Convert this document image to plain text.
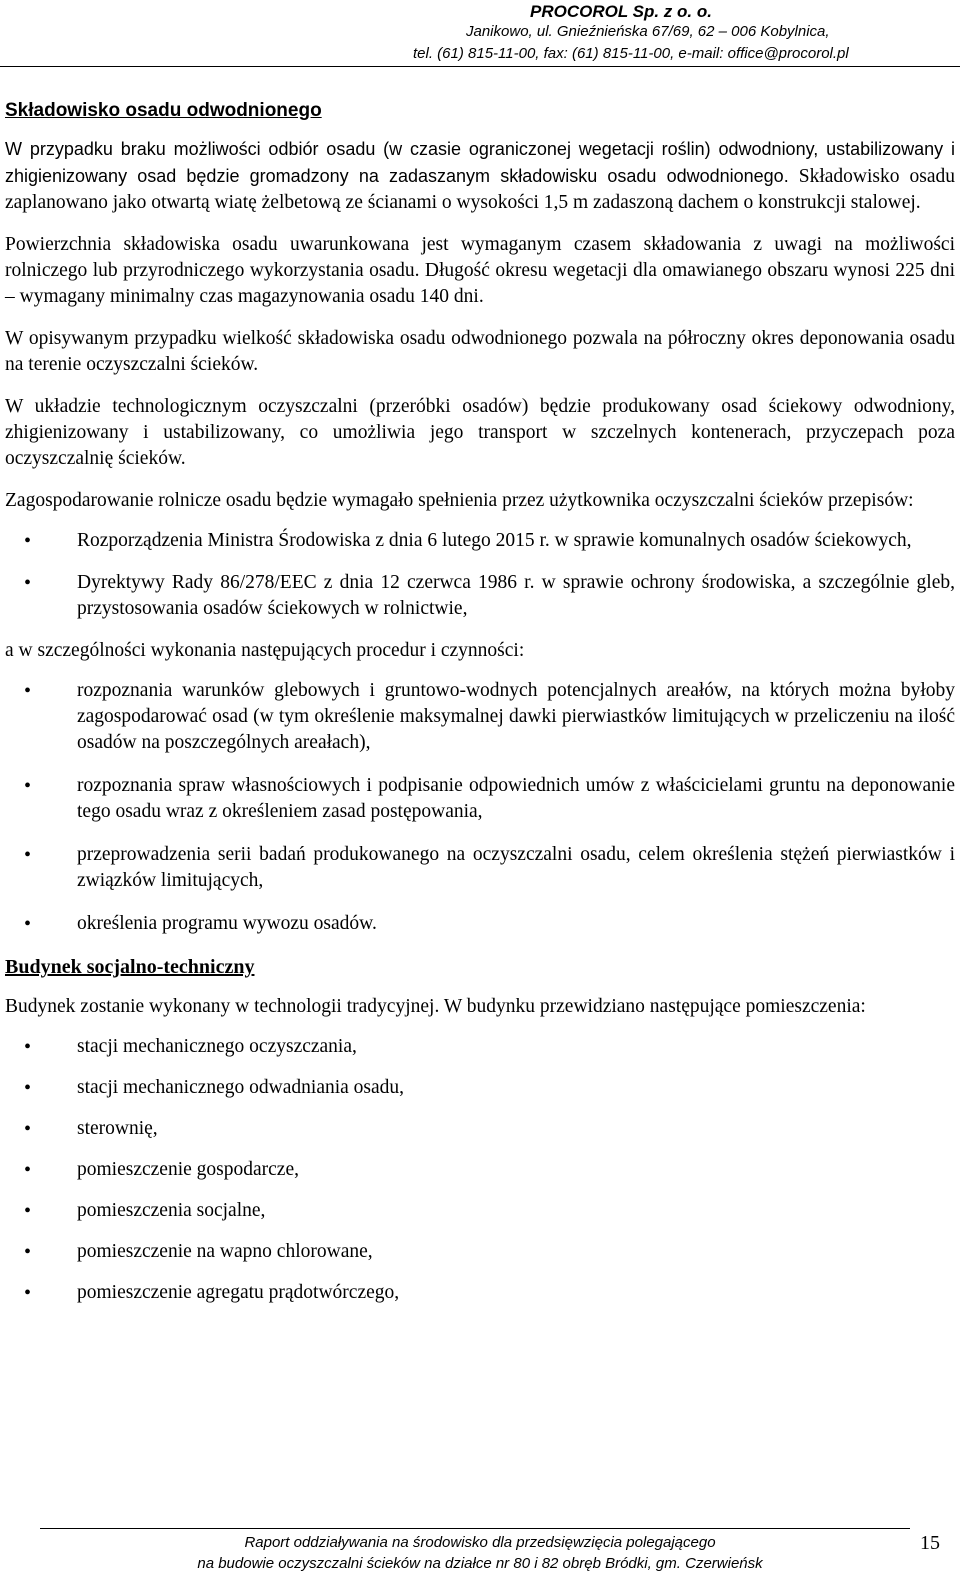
PROCOROL Sp. z o. o.
Janikowo, ul. Gnieźnieńska 67/69, 62 – 006 Kobylnica,
tel. (61) 815-11-00, fax: (61) 815-11-00, e-mail: office@procorol.pl

Składowisko osadu odwodnionego

W przypadku braku możliwości odbiór osadu (w czasie ograniczonej wegetacji roślin) odwodniony, ustabilizowany i zhigienizowany osad będzie gromadzony na zadaszanym składowisku osadu odwodnionego. Składowisko osadu zaplanowano jako otwartą wiatę żelbetową ze ścianami o wysokości 1,5 m zadaszoną dachem o konstrukcji stalowej.

Powierzchnia składowiska osadu uwarunkowana jest wymaganym czasem składowania z uwagi na możliwości rolniczego lub przyrodniczego wykorzystania osadu. Długość okresu wegetacji dla omawianego obszaru wynosi 225 dni – wymagany minimalny czas magazynowania osadu 140 dni.

W opisywanym przypadku wielkość składowiska osadu odwodnionego pozwala na półroczny okres deponowania osadu na terenie oczyszczalni ścieków.

W układzie technologicznym oczyszczalni (przeróbki osadów) będzie produkowany osad ściekowy odwodniony, zhigienizowany i ustabilizowany, co umożliwia jego transport w szczelnych kontenerach, przyczepach poza oczyszczalnię ścieków.

Zagospodarowanie rolnicze osadu będzie wymagało spełnienia przez użytkownika oczyszczalni ścieków przepisów:

• Rozporządzenia Ministra Środowiska z dnia 6 lutego 2015 r. w sprawie komunalnych osadów ściekowych,
• Dyrektywy Rady 86/278/EEC z dnia 12 czerwca 1986 r. w sprawie ochrony środowiska, a szczególnie gleb, przystosowania osadów ściekowych w rolnictwie,

a w szczególności wykonania następujących procedur i czynności:

• rozpoznania warunków glebowych i gruntowo-wodnych potencjalnych areałów, na których można byłoby zagospodarować osad (w tym określenie maksymalnej dawki pierwiastków limitujących w przeliczeniu na ilość osadów na poszczególnych areałach),
• rozpoznania spraw własnościowych i podpisanie odpowiednich umów z właścicielami gruntu na deponowanie tego osadu wraz z określeniem zasad postępowania,
• przeprowadzenia serii badań produkowanego na oczyszczalni osadu, celem określenia stężeń pierwiastków i związków limitujących,
• określenia programu wywozu osadów.

Budynek socjalno-techniczny

Budynek zostanie wykonany w technologii tradycyjnej. W budynku przewidziano następujące pomieszczenia:

• stacji mechanicznego oczyszczania,
• stacji mechanicznego odwadniania osadu,
• sterownię,
• pomieszczenie gospodarcze,
• pomieszczenia socjalne,
• pomieszczenie na wapno chlorowane,
• pomieszczenie agregatu prądotwórczego,
Raport oddziaływania na środowisko dla przedsięwzięcia polegającego
na budowie oczyszczalni ścieków na działce nr 80 i 82 obręb Bródki, gm. Czerwieńsk
15
